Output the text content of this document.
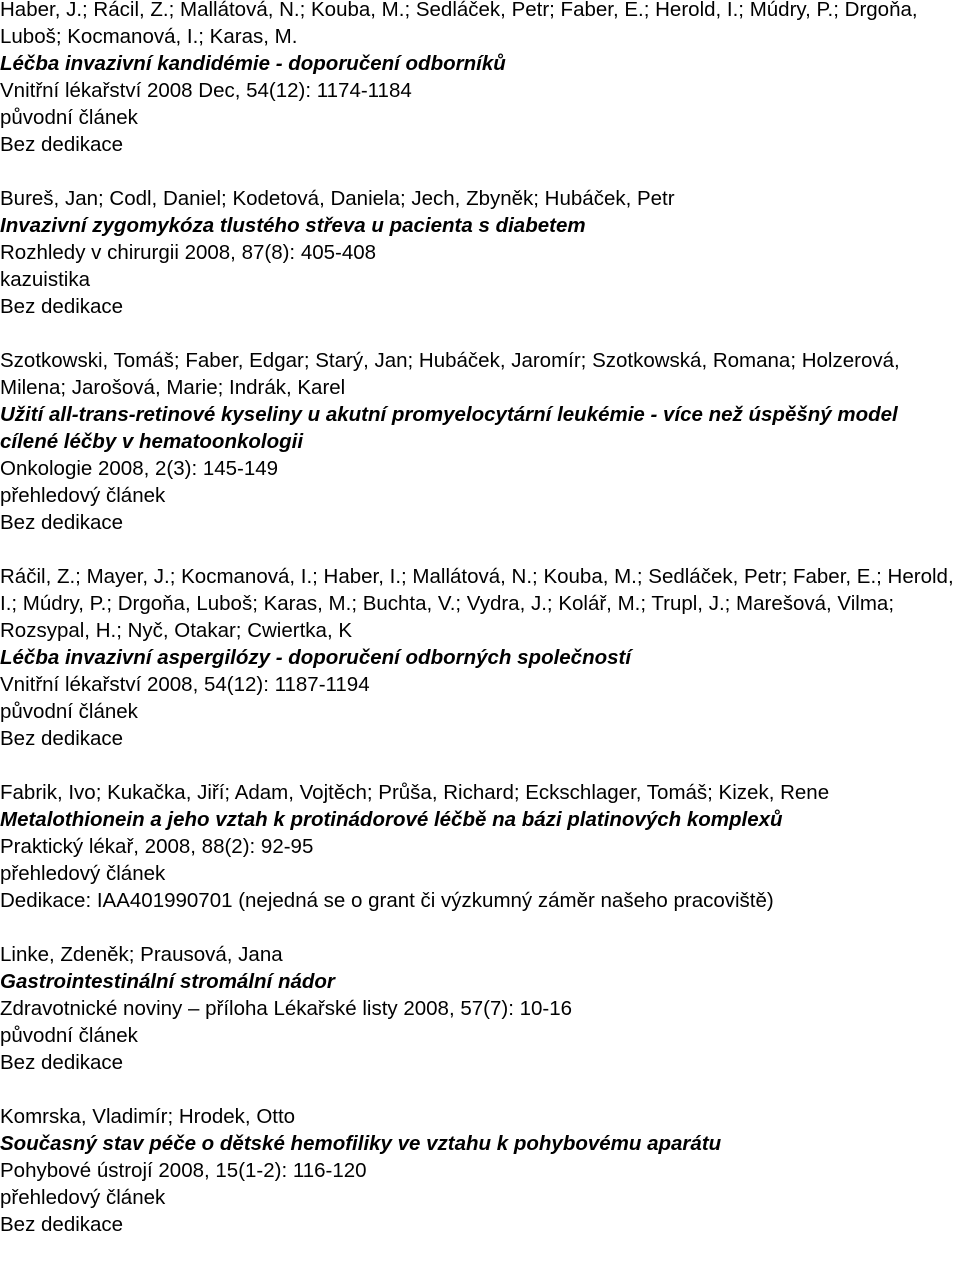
Haber, J.; Rácil, Z.; Mallátová, N.; Kouba, M.; Sedláček, Petr; Faber, E.; Herold, I.; Múdry, P.; Drgoňa, Luboš; Kocmanová, I.; Karas, M.
Léčba invazivní kandidémie - doporučení odborníků
Vnitřní lékařství 2008 Dec, 54(12): 1174-1184
původní článek
Bez dedikace
Bureš, Jan; Codl, Daniel; Kodetová, Daniela; Jech, Zbyněk; Hubáček, Petr
Invazivní zygomykóza tlustého střeva u pacienta s diabetem
Rozhledy v chirurgii 2008, 87(8): 405-408
kazuistika
Bez dedikace
Szotkowski, Tomáš; Faber, Edgar; Starý, Jan; Hubáček, Jaromír; Szotkowská, Romana; Holzerová, Milena; Jarošová, Marie; Indrák, Karel
Užití all-trans-retinové kyseliny u akutní promyelocytární leukémie - více než úspěšný model cílené léčby v hematoonkologii
Onkologie 2008, 2(3): 145-149
přehledový článek
Bez dedikace
Ráčil, Z.; Mayer, J.; Kocmanová, I.; Haber, I.; Mallátová, N.; Kouba, M.; Sedláček, Petr; Faber, E.; Herold, I.; Múdry, P.; Drgoňa, Luboš; Karas, M.; Buchta, V.; Vydra, J.; Kolář, M.; Trupl, J.; Marešová, Vilma; Rozsypal, H.; Nyč, Otakar; Cwiertka, K
Léčba invazivní aspergilózy - doporučení odborných společností
Vnitřní lékařství 2008, 54(12): 1187-1194
původní článek
Bez dedikace
Fabrik, Ivo; Kukačka, Jiří; Adam, Vojtěch; Průša, Richard; Eckschlager, Tomáš; Kizek, Rene
Metalothionein a jeho vztah k protinádorové léčbě na bázi platinových komplexů
Praktický lékař, 2008, 88(2): 92-95
přehledový článek
Dedikace: IAA401990701 (nejedná se o grant či výzkumný záměr našeho pracoviště)
Linke, Zdeněk; Prausová, Jana
Gastrointestinální stromální nádor
Zdravotnické noviny – příloha Lékařské listy 2008, 57(7): 10-16
původní článek
Bez dedikace
Komrska, Vladimír; Hrodek, Otto
Současný stav péče o dětské hemofiliky ve vztahu k pohybovému aparátu
Pohybové ústrojí 2008, 15(1-2): 116-120
přehledový článek
Bez dedikace
